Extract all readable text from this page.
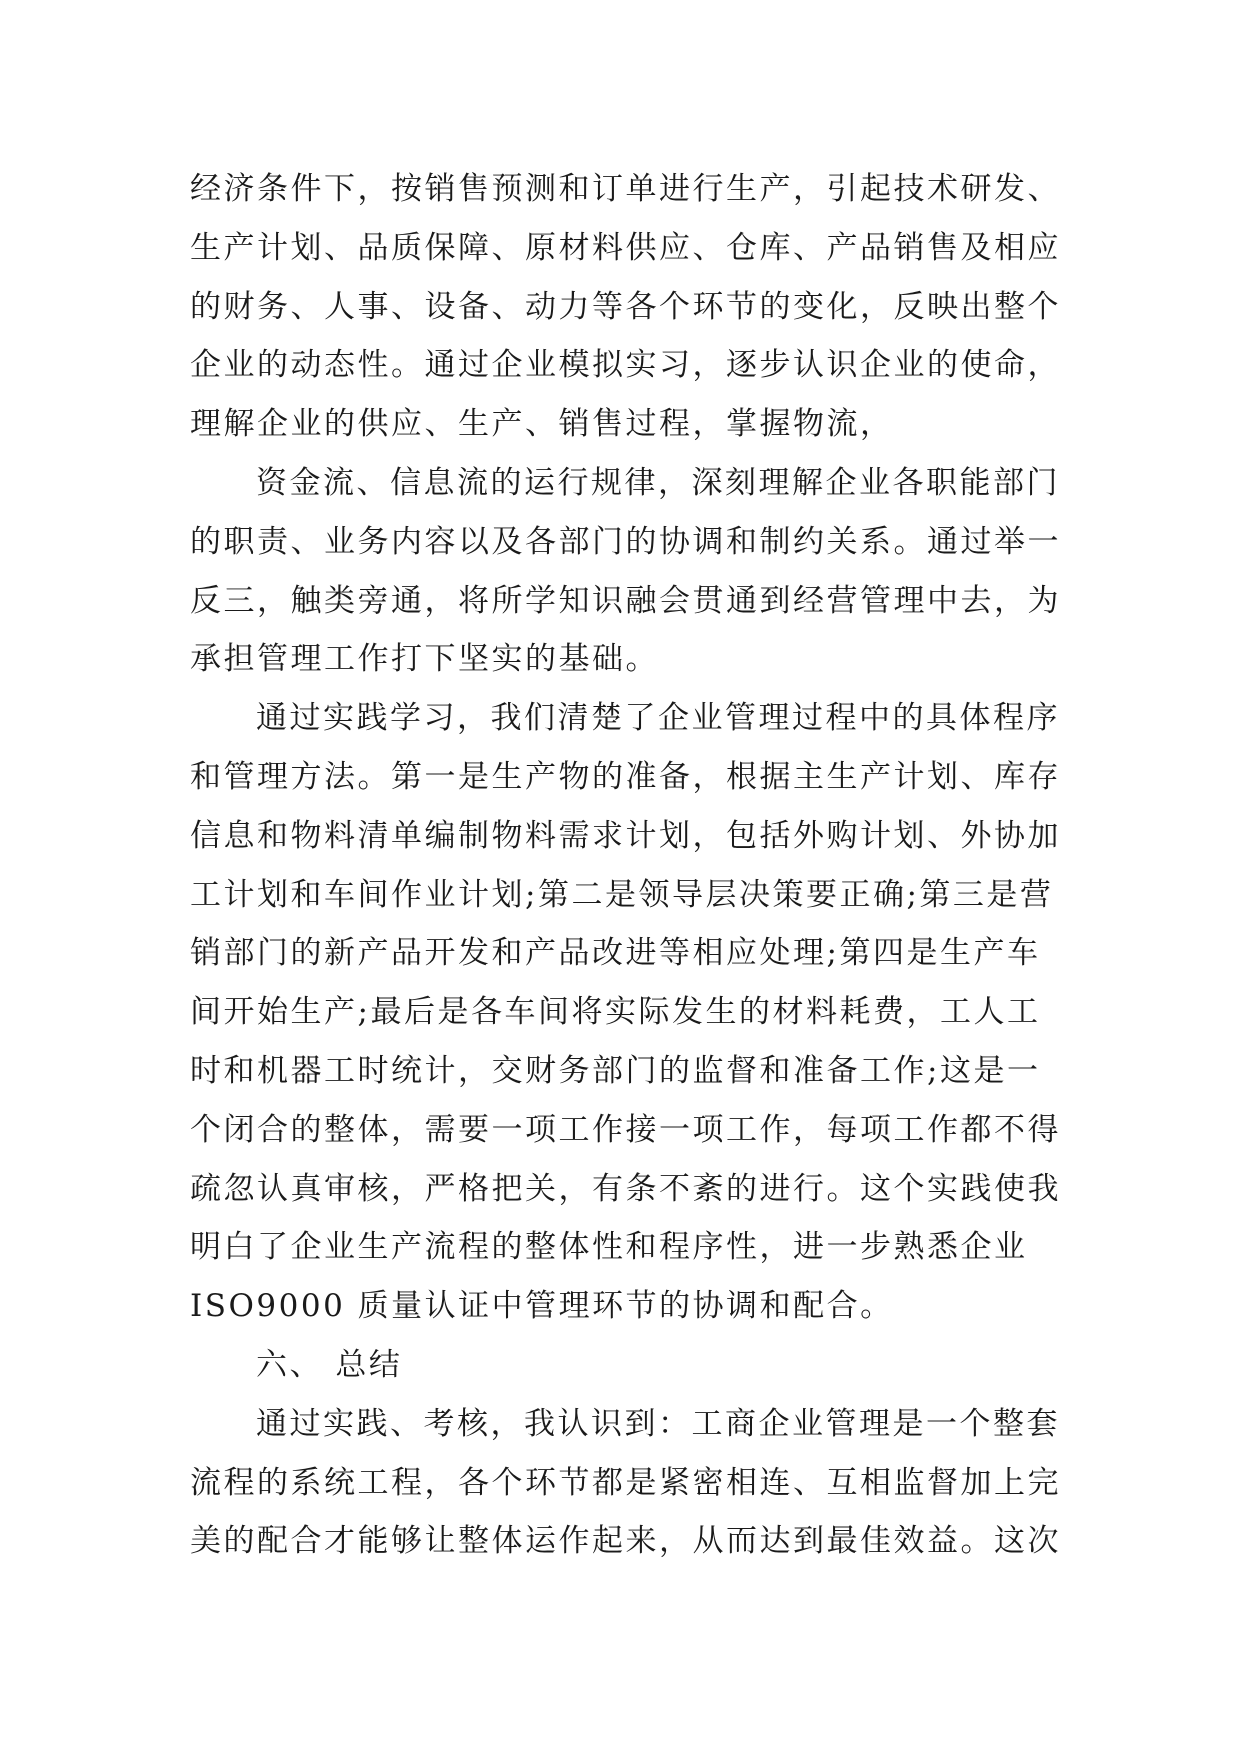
经济条件下，按销售预测和订单进行生产，引起技术研发、
生产计划、品质保障、原材料供应、仓库、产品销售及相应
的财务、人事、设备、动力等各个环节的变化，反映出整个
企业的动态性。通过企业模拟实习，逐步认识企业的使命，
理解企业的供应、生产、销售过程，掌握物流，
资金流、信息流的运行规律，深刻理解企业各职能部门
的职责、业务内容以及各部门的协调和制约关系。通过举一
反三，触类旁通，将所学知识融会贯通到经营管理中去，为
承担管理工作打下坚实的基础。
通过实践学习，我们清楚了企业管理过程中的具体程序
和管理方法。第一是生产物的准备，根据主生产计划、库存
信息和物料清单编制物料需求计划，包括外购计划、外协加
工计划和车间作业计划;第二是领导层决策要正确;第三是营
销部门的新产品开发和产品改进等相应处理;第四是生产车
间开始生产;最后是各车间将实际发生的材料耗费，工人工
时和机器工时统计，交财务部门的监督和准备工作;这是一
个闭合的整体，需要一项工作接一项工作，每项工作都不得
疏忽认真审核，严格把关，有条不紊的进行。这个实践使我
明白了企业生产流程的整体性和程序性，进一步熟悉企业
ISO9000 质量认证中管理环节的协调和配合。
六、 总结
通过实践、考核，我认识到：工商企业管理是一个整套
流程的系统工程，各个环节都是紧密相连、互相监督加上完
美的配合才能够让整体运作起来，从而达到最佳效益。这次
